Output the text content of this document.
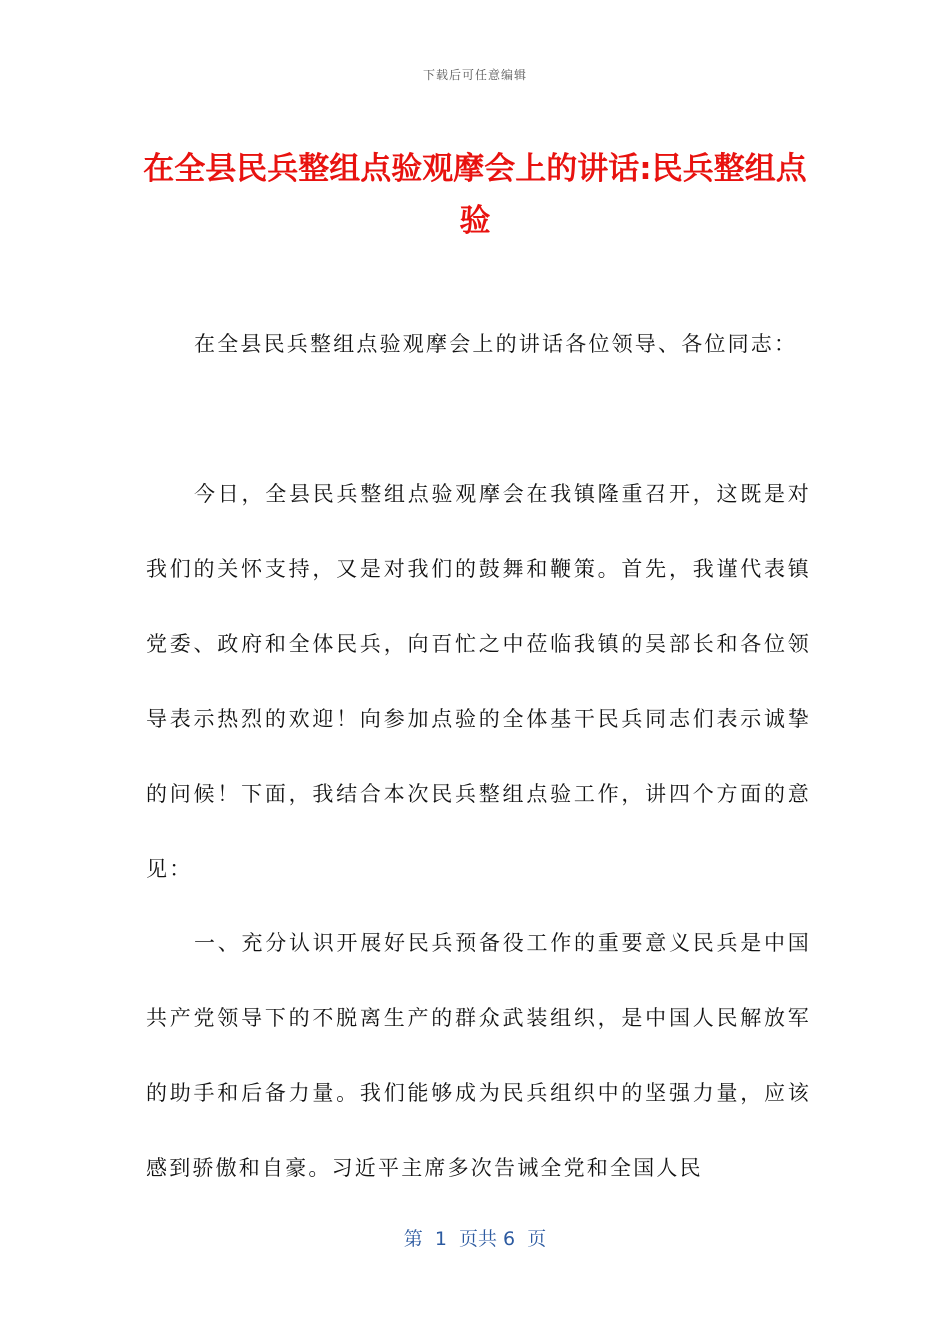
下载后可任意编辑
在全县民兵整组点验观摩会上的讲话:民兵整组点验
在全县民兵整组点验观摩会上的讲话各位领导、各位同志：

今日，全县民兵整组点验观摩会在我镇隆重召开，这既是对我们的关怀支持，又是对我们的鼓舞和鞭策。首先，我谨代表镇党委、政府和全体民兵，向百忙之中莅临我镇的吴部长和各位领导表示热烈的欢迎！向参加点验的全体基干民兵同志们表示诚挚的问候！下面，我结合本次民兵整组点验工作，讲四个方面的意见：

一、充分认识开展好民兵预备役工作的重要意义民兵是中国共产党领导下的不脱离生产的群众武装组织，是中国人民解放军的助手和后备力量。我们能够成为民兵组织中的坚强力量，应该感到骄傲和自豪。习近平主席多次告诫全党和全国人民

第  1  页共 6  页
